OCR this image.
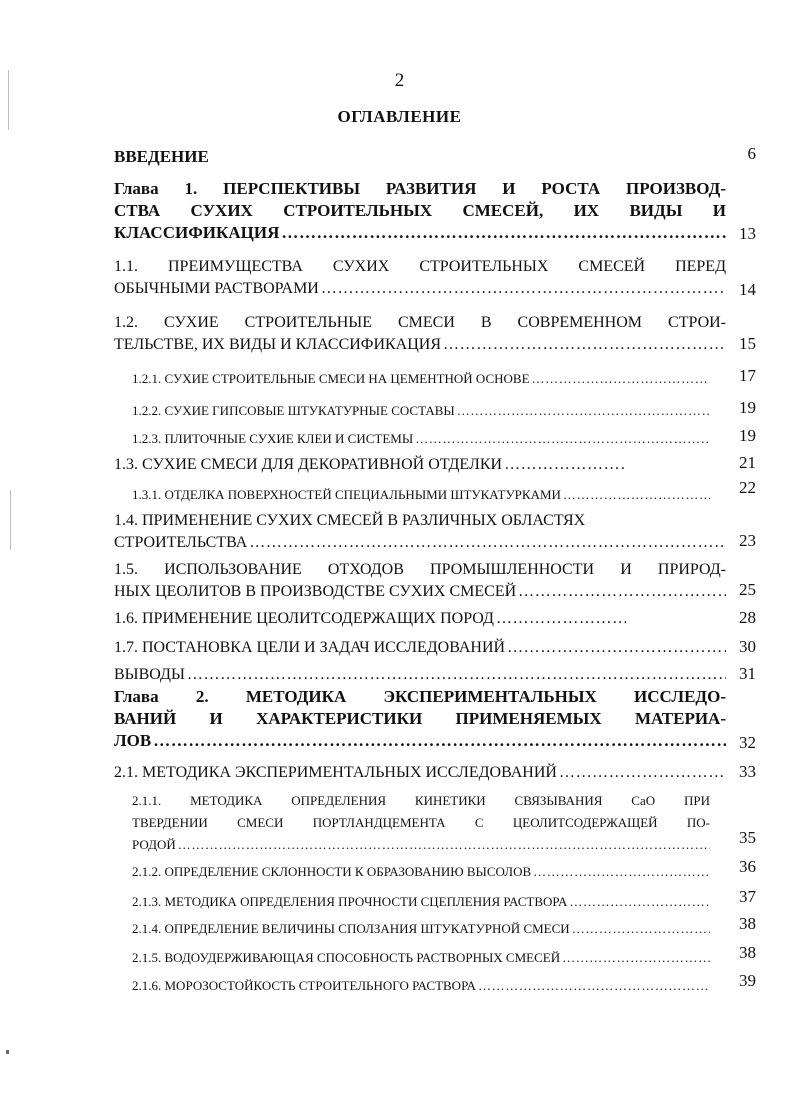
2
ОГЛАВЛЕНИЕ
ВВЕДЕНИЕ	6
Глава 1. ПЕРСПЕКТИВЫ РАЗВИТИЯ И РОСТА ПРОИЗВОД-
СТВА СУХИХ СТРОИТЕЛЬНЫХ СМЕСЕЙ, ИХ ВИДЫ И
КЛАССИФИКАЦИЯ ……………………………………………………………………………………………………………………………………………………………………	13
1.1. ПРЕИМУЩЕСТВА СУХИХ СТРОИТЕЛЬНЫХ СМЕСЕЙ ПЕРЕД
ОБЫЧНЫМИ РАСТВОРАМИ ……………………………………………………………………………………………………………………………………………………………………	14
1.2. СУХИЕ СТРОИТЕЛЬНЫЕ СМЕСИ В СОВРЕМЕННОМ СТРОИ-
ТЕЛЬСТВЕ, ИХ ВИДЫ И КЛАССИФИКАЦИЯ ……………………………………………………………………………………………………………………………………………………………………	15
1.2.1. СУХИЕ СТРОИТЕЛЬНЫЕ СМЕСИ НА ЦЕМЕНТНОЙ ОСНОВЕ ……………………………………………………………………………………………………………………………………………………………………	17
1.2.2. СУХИЕ ГИПСОВЫЕ ШТУКАТУРНЫЕ СОСТАВЫ ……………………………………………………………………………………………………………………………………………………………………	19
1.2.3. ПЛИТОЧНЫЕ СУХИЕ КЛЕИ И СИСТЕМЫ ……………………………………………………………………………………………………………………………………………………………………	19
1.3. СУХИЕ СМЕСИ ДЛЯ ДЕКОРАТИВНОЙ ОТДЕЛКИ ……………………………………………………………………………………………………………………………………………………………………	21
1.3.1. ОТДЕЛКА ПОВЕРХНОСТЕЙ СПЕЦИАЛЬНЫМИ ШТУКАТУРКАМИ ……………………………………………………………………………………………………………………………………………………………………	22
1.4. ПРИМЕНЕНИЕ СУХИХ СМЕСЕЙ В РАЗЛИЧНЫХ ОБЛАСТЯХ
СТРОИТЕЛЬСТВА ……………………………………………………………………………………………………………………………………………………………………	23
1.5. ИСПОЛЬЗОВАНИЕ ОТХОДОВ ПРОМЫШЛЕННОСТИ И ПРИРОД-
НЫХ ЦЕОЛИТОВ В ПРОИЗВОДСТВЕ СУХИХ СМЕСЕЙ ……………………………………………………………………………………………………………………………………………………………………	25
1.6. ПРИМЕНЕНИЕ ЦЕОЛИТСОДЕРЖАЩИХ ПОРОД ……………………………………………………………………………………………………………………………………………………………………	28
1.7. ПОСТАНОВКА ЦЕЛИ И ЗАДАЧ ИССЛЕДОВАНИЙ ……………………………………………………………………………………………………………………………………………………………………	30
ВЫВОДЫ ……………………………………………………………………………………………………………………………………………………………………	31
Глава 2. МЕТОДИКА ЭКСПЕРИМЕНТАЛЬНЫХ ИССЛЕДО-
ВАНИЙ И ХАРАКТЕРИСТИКИ ПРИМЕНЯЕМЫХ МАТЕРИА-
ЛОВ ……………………………………………………………………………………………………………………………………………………………………	32
2.1. МЕТОДИКА ЭКСПЕРИМЕНТАЛЬНЫХ ИССЛЕДОВАНИЙ ……………………………………………………………………………………………………………………………………………………………………	33
2.1.1. МЕТОДИКА ОПРЕДЕЛЕНИЯ КИНЕТИКИ СВЯЗЫВАНИЯ CaO ПРИ
ТВЕРДЕНИИ СМЕСИ ПОРТЛАНДЦЕМЕНТА С ЦЕОЛИТСОДЕРЖАЩЕЙ ПО-
РОДОЙ ……………………………………………………………………………………………………………………………………………………………………	35
2.1.2. ОПРЕДЕЛЕНИЕ СКЛОННОСТИ К ОБРАЗОВАНИЮ ВЫСОЛОВ ……………………………………………………………………………………………………………………………………………………………………	36
2.1.3. МЕТОДИКА ОПРЕДЕЛЕНИЯ ПРОЧНОСТИ СЦЕПЛЕНИЯ РАСТВОРА ……………………………………………………………………………………………………………………………………………………………………	37
2.1.4. ОПРЕДЕЛЕНИЕ ВЕЛИЧИНЫ СПОЛЗАНИЯ ШТУКАТУРНОЙ СМЕСИ ……………………………………………………………………………………………………………………………………………………………………	38
2.1.5. ВОДОУДЕРЖИВАЮЩАЯ СПОСОБНОСТЬ РАСТВОРНЫХ СМЕСЕЙ ……………………………………………………………………………………………………………………………………………………………………	38
2.1.6. МОРОЗОСТОЙКОСТЬ СТРОИТЕЛЬНОГО РАСТВОРА ……………………………………………………………………………………………………………………………………………………………………	39
